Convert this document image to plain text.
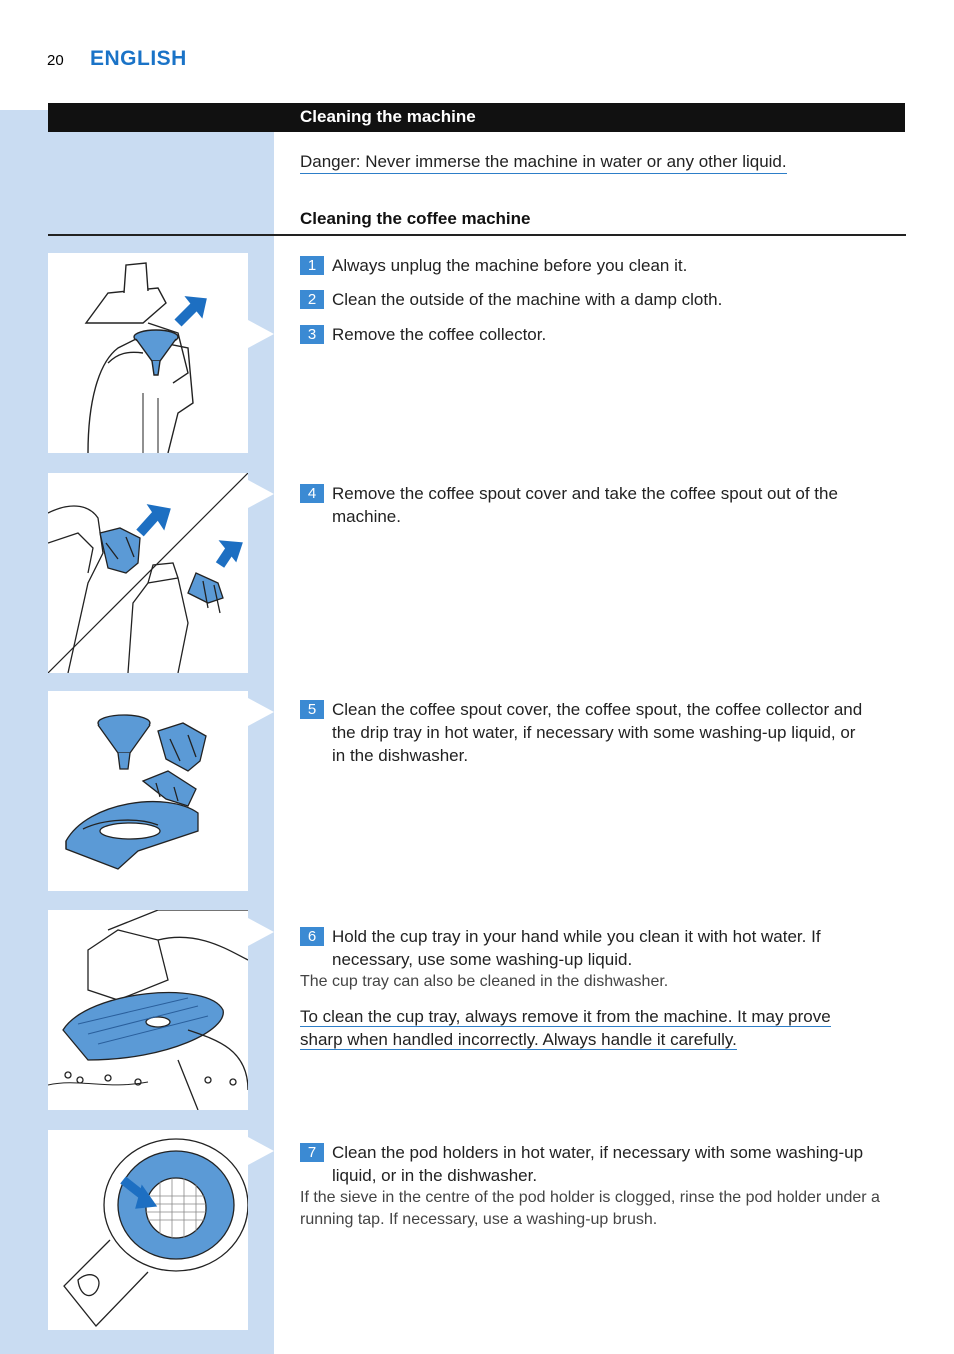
20 ENGLISH
Cleaning the machine
Danger: Never immerse the machine in water or any other liquid.
Cleaning the coffee machine
1 Always unplug the machine before you clean it.
2 Clean the outside of the machine with a damp cloth.
3 Remove the coffee collector.
4 Remove the coffee spout cover and take the coffee spout out of the machine.
5 Clean the coffee spout cover, the coffee spout, the coffee collector and the drip tray in hot water, if necessary with some washing-up liquid, or in the dishwasher.
6 Hold the cup tray in your hand while you clean it with hot water. If necessary, use some washing-up liquid.
The cup tray can also be cleaned in the dishwasher.
To clean the cup tray, always remove it from the machine. It may prove
sharp when handled incorrectly. Always handle it carefully.
7 Clean the pod holders in hot water, if necessary with some washing-up liquid, or in the dishwasher.
If the sieve in the centre of the pod holder is clogged, rinse the pod holder under a running tap. If necessary, use a washing-up brush.
